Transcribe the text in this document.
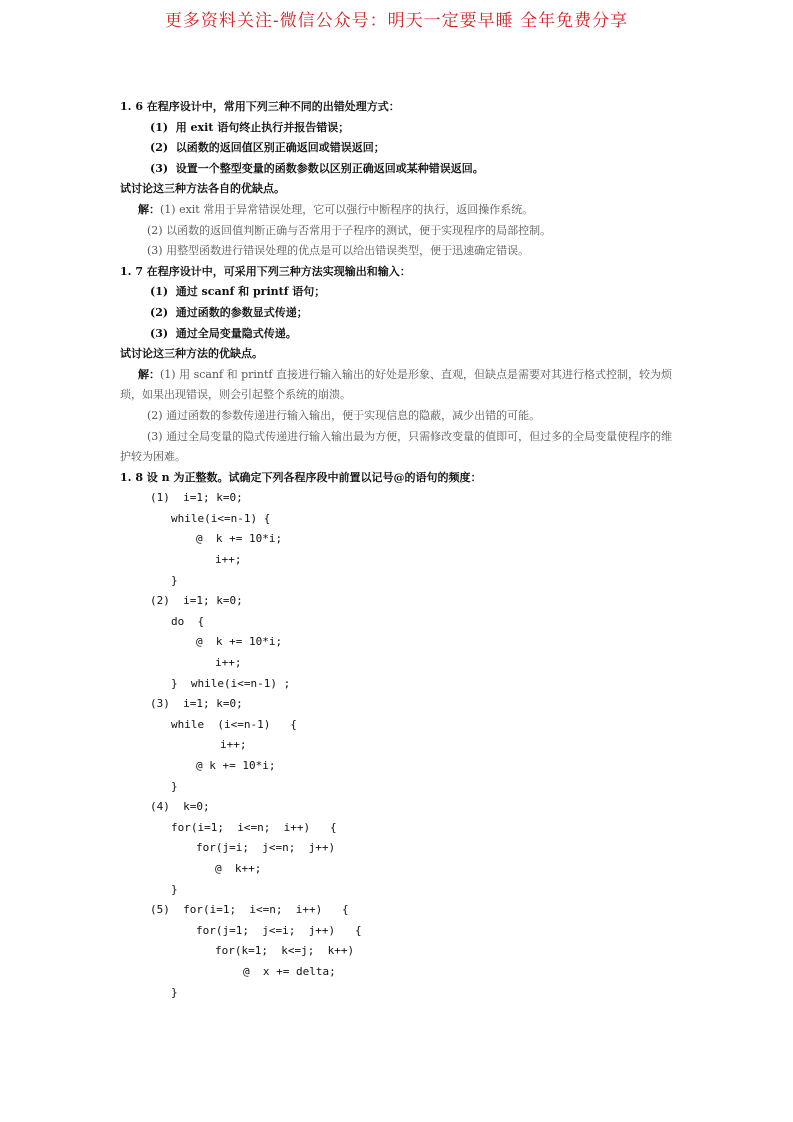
更多资料关注-微信公众号：明天一定要早睡 全年免费分享
1. 6 在程序设计中，常用下列三种不同的出错处理方式：
(1)  用 exit 语句终止执行并报告错误；
(2)  以函数的返回值区别正确返回或错误返回；
(3)  设置一个整型变量的函数参数以区别正确返回或某种错误返回。
试讨论这三种方法各自的优缺点。
解：(1) exit 常用于异常错误处理，它可以强行中断程序的执行，返回操作系统。
(2) 以函数的返回值判断正确与否常用于子程序的测试，便于实现程序的局部控制。
(3) 用整型函数进行错误处理的优点是可以给出错误类型，便于迅速确定错误。
1. 7 在程序设计中，可采用下列三种方法实现输出和输入：
(1)  通过 scanf 和 printf 语句；
(2)  通过函数的参数显式传递；
(3)  通过全局变量隐式传递。
试讨论这三种方法的优缺点。
解：(1) 用 scanf 和 printf 直接进行输入输出的好处是形象、直观，但缺点是需要对其进行格式控制，较为烦琐，如果出现错误，则会引起整个系统的崩溃。
(2) 通过函数的参数传递进行输入输出，便于实现信息的隐蔽，减少出错的可能。
(3) 通过全局变量的隐式传递进行输入输出最为方便，只需修改变量的值即可，但过多的全局变量使程序的维护较为困难。
1. 8 设 n 为正整数。试确定下列各程序段中前置以记号@的语句的频度：
(1)  i=1; k=0;
while(i<=n-1) {
@  k += 10*i;
i++;
}
(2)  i=1; k=0;
do  {
@  k += 10*i;
i++;
}  while(i<=n-1) ;
(3)  i=1; k=0;
while  (i<=n-1)   {
i++;
@ k += 10*i;
}
(4)  k=0;
for(i=1;  i<=n;  i++)   {
for(j=i;  j<=n;  j++)
@  k++;
}
(5)  for(i=1;  i<=n;  i++)   {
for(j=1;  j<=i;  j++)   {
for(k=1;  k<=j;  k++)
@  x += delta;
}
